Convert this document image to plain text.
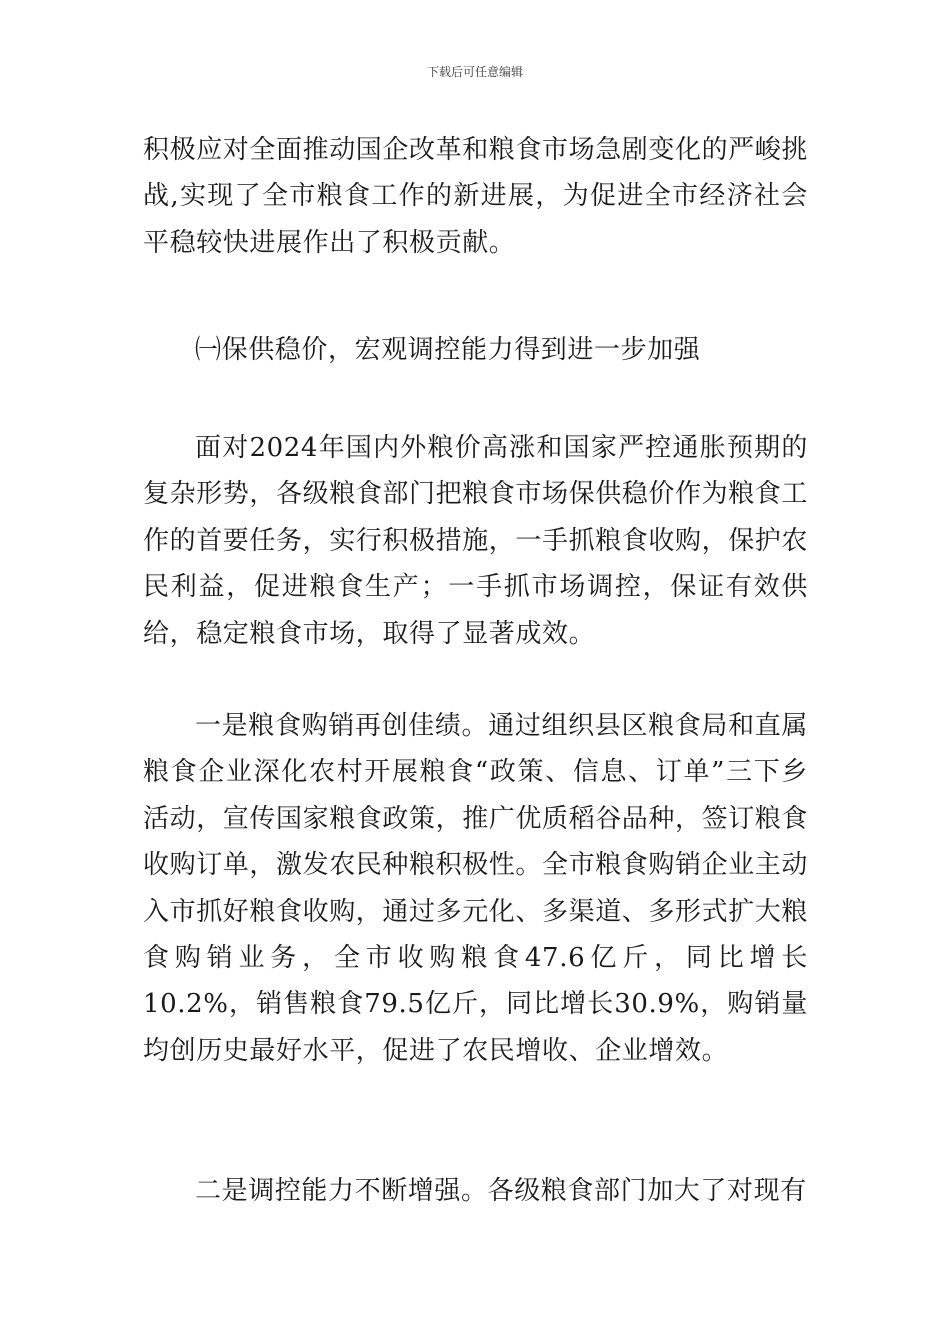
下载后可任意编辑

积极应对全面推动国企改革和粮食市场急剧变化的严峻挑战,实现了全市粮食工作的新进展，为促进全市经济社会平稳较快进展作出了积极贡献。

㈠保供稳价，宏观调控能力得到进一步加强

面对2024年国内外粮价高涨和国家严控通胀预期的复杂形势，各级粮食部门把粮食市场保供稳价作为粮食工作的首要任务，实行积极措施，一手抓粮食收购，保护农民利益，促进粮食生产；一手抓市场调控，保证有效供给，稳定粮食市场，取得了显著成效。

一是粮食购销再创佳绩。通过组织县区粮食局和直属粮食企业深化农村开展粮食“政策、信息、订单”三下乡活动，宣传国家粮食政策，推广优质稻谷品种，签订粮食收购订单，激发农民种粮积极性。全市粮食购销企业主动入市抓好粮食收购，通过多元化、多渠道、多形式扩大粮食购销业务，全市收购粮食47.6亿斤，同比增长10.2%，销售粮食79.5亿斤，同比增长30.9%，购销量均创历史最好水平，促进了农民增收、企业增效。

二是调控能力不断增强。各级粮食部门加大了对现有
